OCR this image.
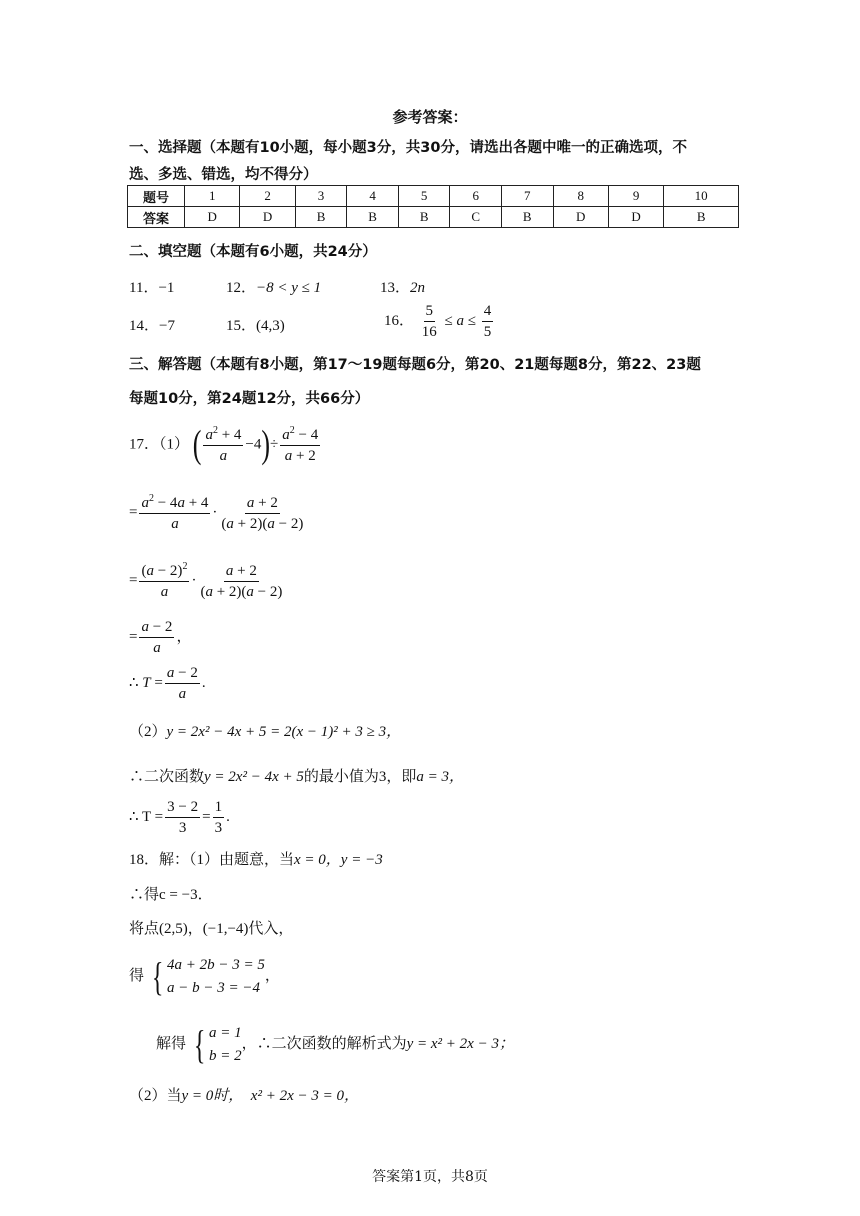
参考答案：
一、选择题（本题有10小题，每小题3分，共30分，请选出各题中唯一的正确选项，不
选、多选、错选，均不得分）
题号	1	2	3	4	5	6	7	8	9	10
答案	D	D	B	B	B	C	B	D	D	B
二、填空题（本题有6小题，共24分）
11．−1	12．−8 < y ≤ 1	13．2n
14．−7	15．(4,3)	16． $\frac{5}{16} \le a \le \frac{4}{5}$
三、解答题（本题有8小题，第17～19题每题6分，第20、21题每题8分，第22、23题
每题10分，第24题12分，共66分）
17．（1） ( $\frac{a^2 + 4}{a} -4)\div \frac{a^2 - 4}{a + 2}$
= $\frac{a^2 - 4a + 4}{a} \cdot \frac{a + 2}{(a + 2)(a - 2)}$
= $\frac{(a - 2)^2}{a} \cdot \frac{a + 2}{(a + 2)(a - 2)}$
= $\frac{a - 2}{a}$ ，
∴ $T = \frac{a - 2}{a}$ .
（2）y = 2x² − 4x + 5 = 2(x − 1)² + 3 ≥ 3，
∴二次函数y = 2x² − 4x + 5的最小值为3，即a = 3，
∴ $T = \frac{3 - 2}{3} = \frac{1}{3}$ .
18．解：（1）由题意，当x = 0，y = −3
∴得c = −3．
将点(2,5)，(−1,−4)代入，
得 { 4a + 2b − 3 = 5
a − b − 3 = −4
，
解得 { a = 1
b = 2
，∴二次函数的解析式为y = x² + 2x − 3；
（2）当y = 0时， x² + 2x − 3 = 0，
答案第1页，共8页
